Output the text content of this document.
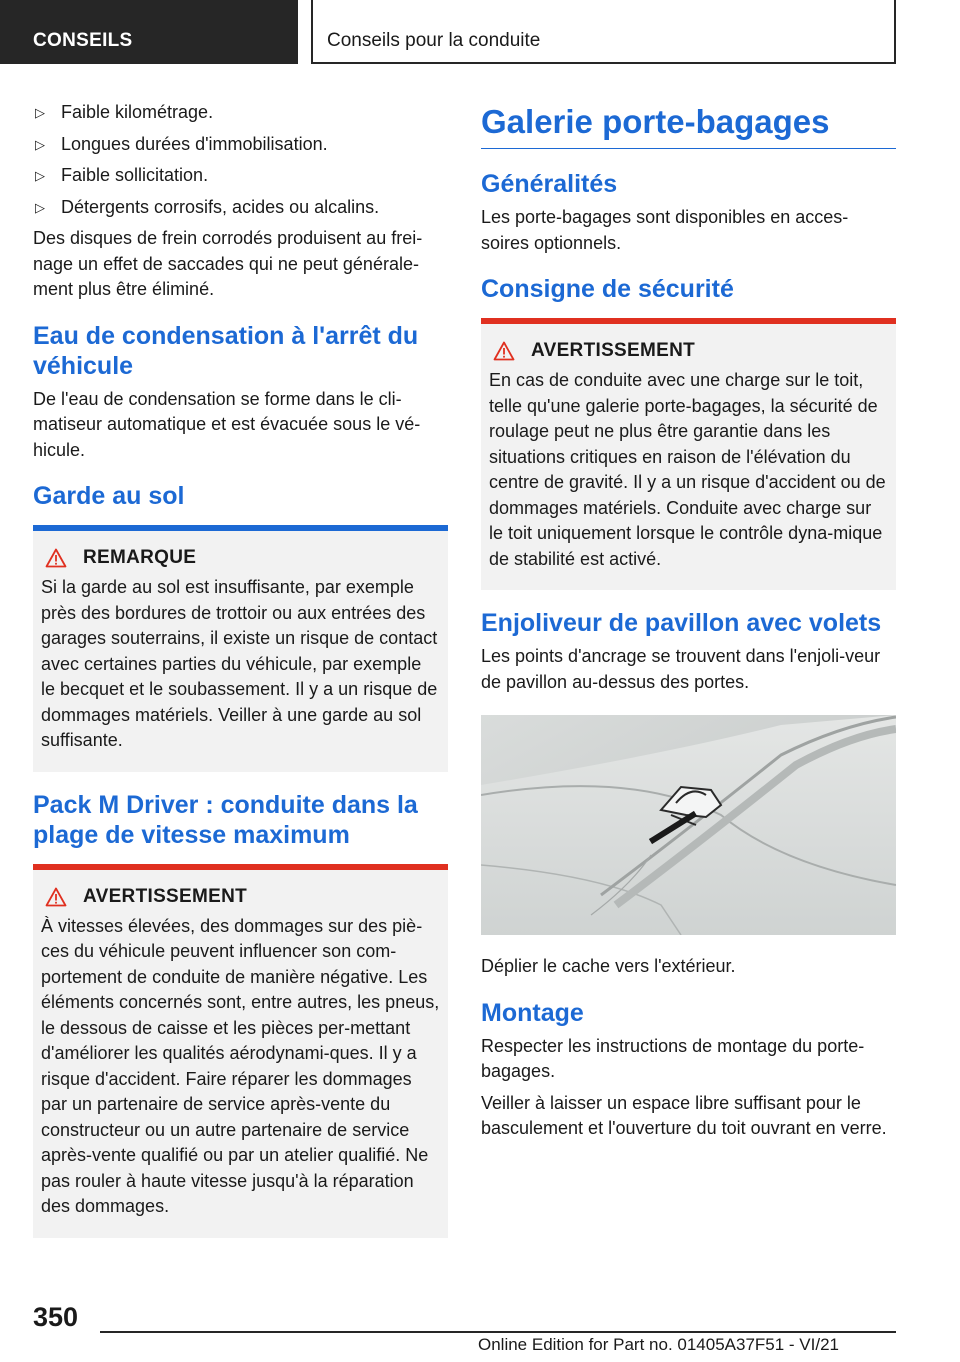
CONSEILS	Conseils pour la conduite
▷ Faible kilométrage.
▷ Longues durées d'immobilisation.
▷ Faible sollicitation.
▷ Détergents corrosifs, acides ou alcalins.

Des disques de frein corrodés produisent au frei-nage un effet de saccades qui ne peut générale-ment plus être éliminé.

Eau de condensation à l'arrêt du véhicule

De l'eau de condensation se forme dans le cli-matiseur automatique et est évacuée sous le vé-hicule.

Garde au sol
REMARQUE

Si la garde au sol est insuffisante, par exemple près des bordures de trottoir ou aux entrées des garages souterrains, il existe un risque de contact avec certaines parties du véhicule, par exemple le becquet et le soubassement. Il y a un risque de dommages matériels. Veiller à une garde au sol suffisante.

Pack M Driver : conduite dans la plage de vitesse maximum
AVERTISSEMENT

À vitesses élevées, des dommages sur des piè-ces du véhicule peuvent influencer son com-portement de conduite de manière négative. Les éléments concernés sont, entre autres, les pneus, le dessous de caisse et les pièces per-mettant d'améliorer les qualités aérodynami-ques. Il y a risque d'accident. Faire réparer les dommages par un partenaire de service après-vente du constructeur ou un autre partenaire de service après-vente qualifié ou par un atelier qualifié. Ne pas rouler à haute vitesse jusqu'à la réparation des dommages.

Galerie porte-bagages
Généralités

Les porte-bagages sont disponibles en acces-soires optionnels.

Consigne de sécurité
AVERTISSEMENT

En cas de conduite avec une charge sur le toit, telle qu'une galerie porte-bagages, la sécurité de roulage peut ne plus être garantie dans les situations critiques en raison de l'élévation du centre de gravité. Il y a un risque d'accident ou de dommages matériels. Conduite avec charge sur le toit uniquement lorsque le contrôle dyna-mique de stabilité est activé.

Enjoliveur de pavillon avec volets

Les points d'ancrage se trouvent dans l'enjoli-veur de pavillon au-dessus des portes.

Déplier le cache vers l'extérieur.

Montage

Respecter les instructions de montage du porte-bagages.

Veiller à laisser un espace libre suffisant pour le basculement et l'ouverture du toit ouvrant en verre.

350
Online Edition for Part no. 01405A37F51 - VI/21
